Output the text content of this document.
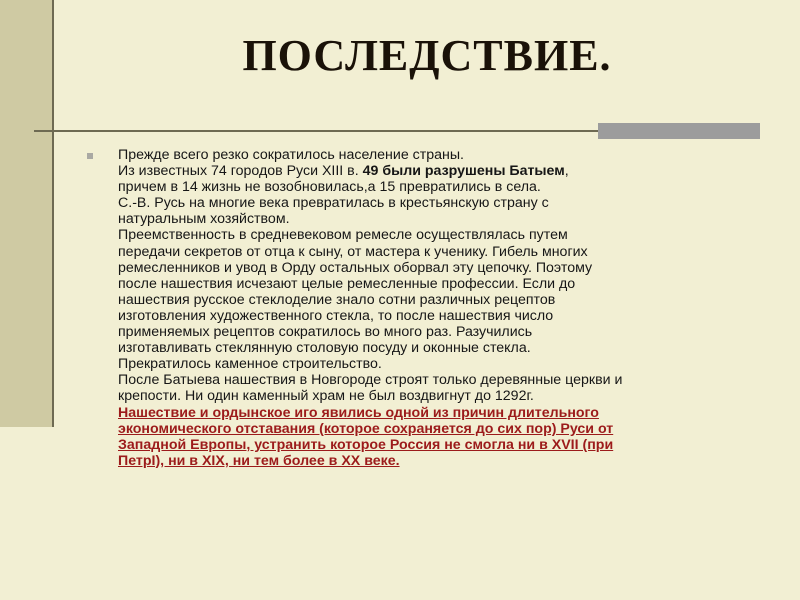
ПОСЛЕДСТВИЕ.
Прежде всего резко сократилось население страны.
Из известных 74 городов Руси XIII в. 49 были разрушены Батыем,
причем в 14 жизнь не возобновилась,а 15 превратились в села.
С.-В. Русь на многие века превратилась в крестьянскую страну с
натуральным хозяйством.
Преемственность в средневековом ремесле осуществлялась путем
передачи секретов от отца к сыну, от мастера к ученику. Гибель многих
ремесленников и увод в Орду остальных оборвал эту цепочку. Поэтому
после нашествия исчезают целые ремесленные профессии. Если до
нашествия русское стеклоделие знало сотни различных рецептов
изготовления художественного стекла, то после нашествия число
применяемых рецептов сократилось во много раз. Разучились
изготавливать стеклянную столовую посуду и оконные стекла.
Прекратилось каменное строительство.
После Батыева нашествия в Новгороде строят только деревянные церкви и
крепости. Ни один каменный храм не был воздвигнут до 1292г.
Нашествие и ордынское иго явились одной из причин длительного
экономического отставания (которое сохраняется до сих пор) Руси от
Западной Европы, устранить которое Россия не смогла ни в XVII (при
ПетрI), ни в XIX, ни тем более в XX веке.
